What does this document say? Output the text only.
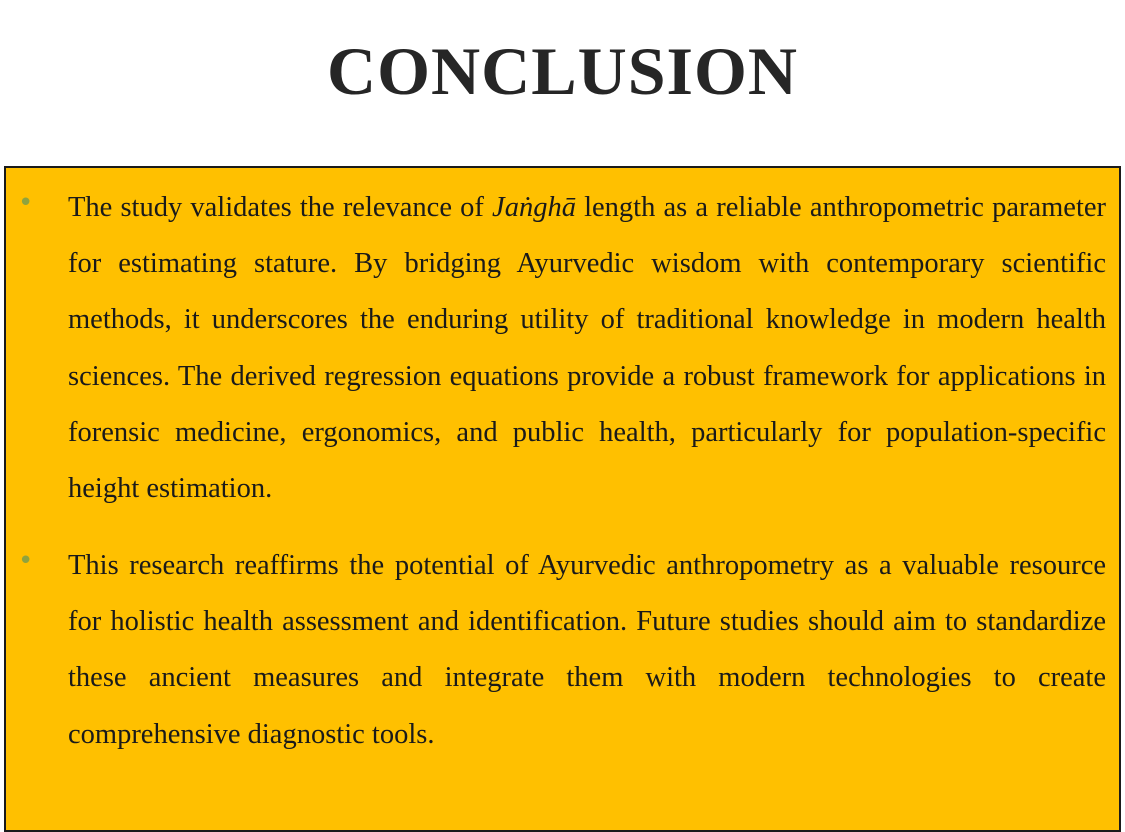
CONCLUSION
• The study validates the relevance of Jaṅghā length as a reliable anthropometric parameter for estimating stature. By bridging Ayurvedic wisdom with contemporary scientific methods, it underscores the enduring utility of traditional knowledge in modern health sciences. The derived regression equations provide a robust framework for applications in forensic medicine, ergonomics, and public health, particularly for population-specific height estimation.
• This research reaffirms the potential of Ayurvedic anthropometry as a valuable resource for holistic health assessment and identification. Future studies should aim to standardize these ancient measures and integrate them with modern technologies to create comprehensive diagnostic tools.
